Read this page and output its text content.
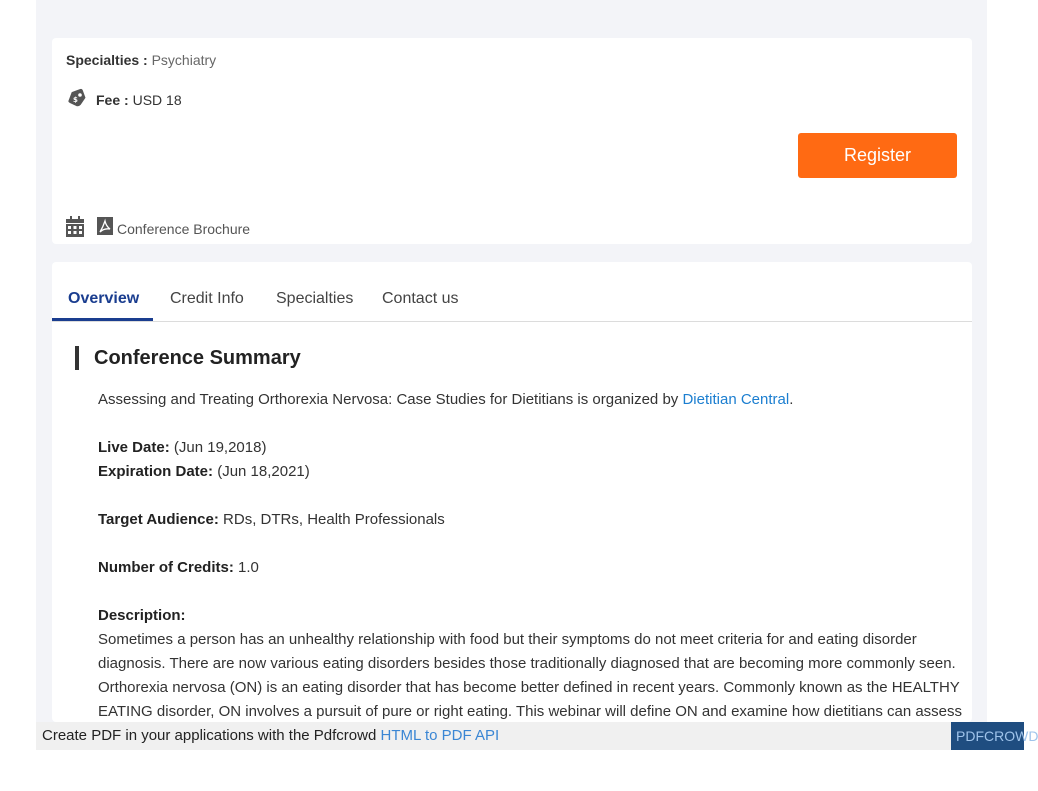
Specialties : Psychiatry
$ Fee :
USD 18
Register
Conference Brochure
Overview Credit Info Specialties Contact us
Conference Summary

Assessing and Treating Orthorexia Nervosa: Case Studies for Dietitians is organized by Dietitian Central.

Live Date: (Jun 19,2018)

Expiration Date: (Jun 18,2021)

Target Audience: RDs, DTRs, Health Professionals

Number of Credits: 1.0

Description:

Sometimes a person has an unhealthy relationship with food but their symptoms do not meet criteria for and eating disorder
diagnosis. There are now various eating disorders besides those traditionally diagnosed that are becoming more commonly seen.
Orthorexia nervosa (ON) is an eating disorder that has become better defined in recent years. Commonly known as the HEALTHY
EATING disorder, ON involves a pursuit of pure or right eating. This webinar will define ON and examine how dietitians can assess
Create PDF in your applications with the Pdfcrowd HTML to PDF API	PDFCROWD
